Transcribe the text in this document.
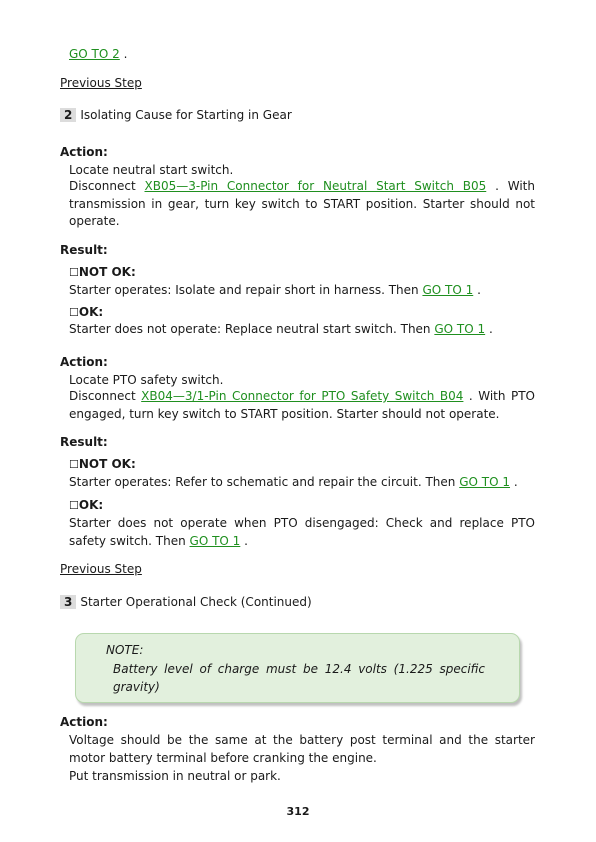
GO TO 2 .
Previous Step
2 Isolating Cause for Starting in Gear
Action:
Locate neutral start switch.
Disconnect XB05—3-Pin Connector for Neutral Start Switch B05 . With transmission in gear, turn key switch to START position. Starter should not operate.
Result:
☐NOT OK:
Starter operates: Isolate and repair short in harness. Then GO TO 1 .
☐OK:
Starter does not operate: Replace neutral start switch. Then GO TO 1 .
Action:
Locate PTO safety switch.
Disconnect XB04—3/1-Pin Connector for PTO Safety Switch B04 . With PTO engaged, turn key switch to START position. Starter should not operate.
Result:
☐NOT OK:
Starter operates: Refer to schematic and repair the circuit. Then GO TO 1 .
☐OK:
Starter does not operate when PTO disengaged: Check and replace PTO safety switch. Then GO TO 1 .
Previous Step
3 Starter Operational Check (Continued)
NOTE:
Battery level of charge must be 12.4 volts (1.225 specific gravity)
Action:
Voltage should be the same at the battery post terminal and the starter motor battery terminal before cranking the engine.
Put transmission in neutral or park.
312
